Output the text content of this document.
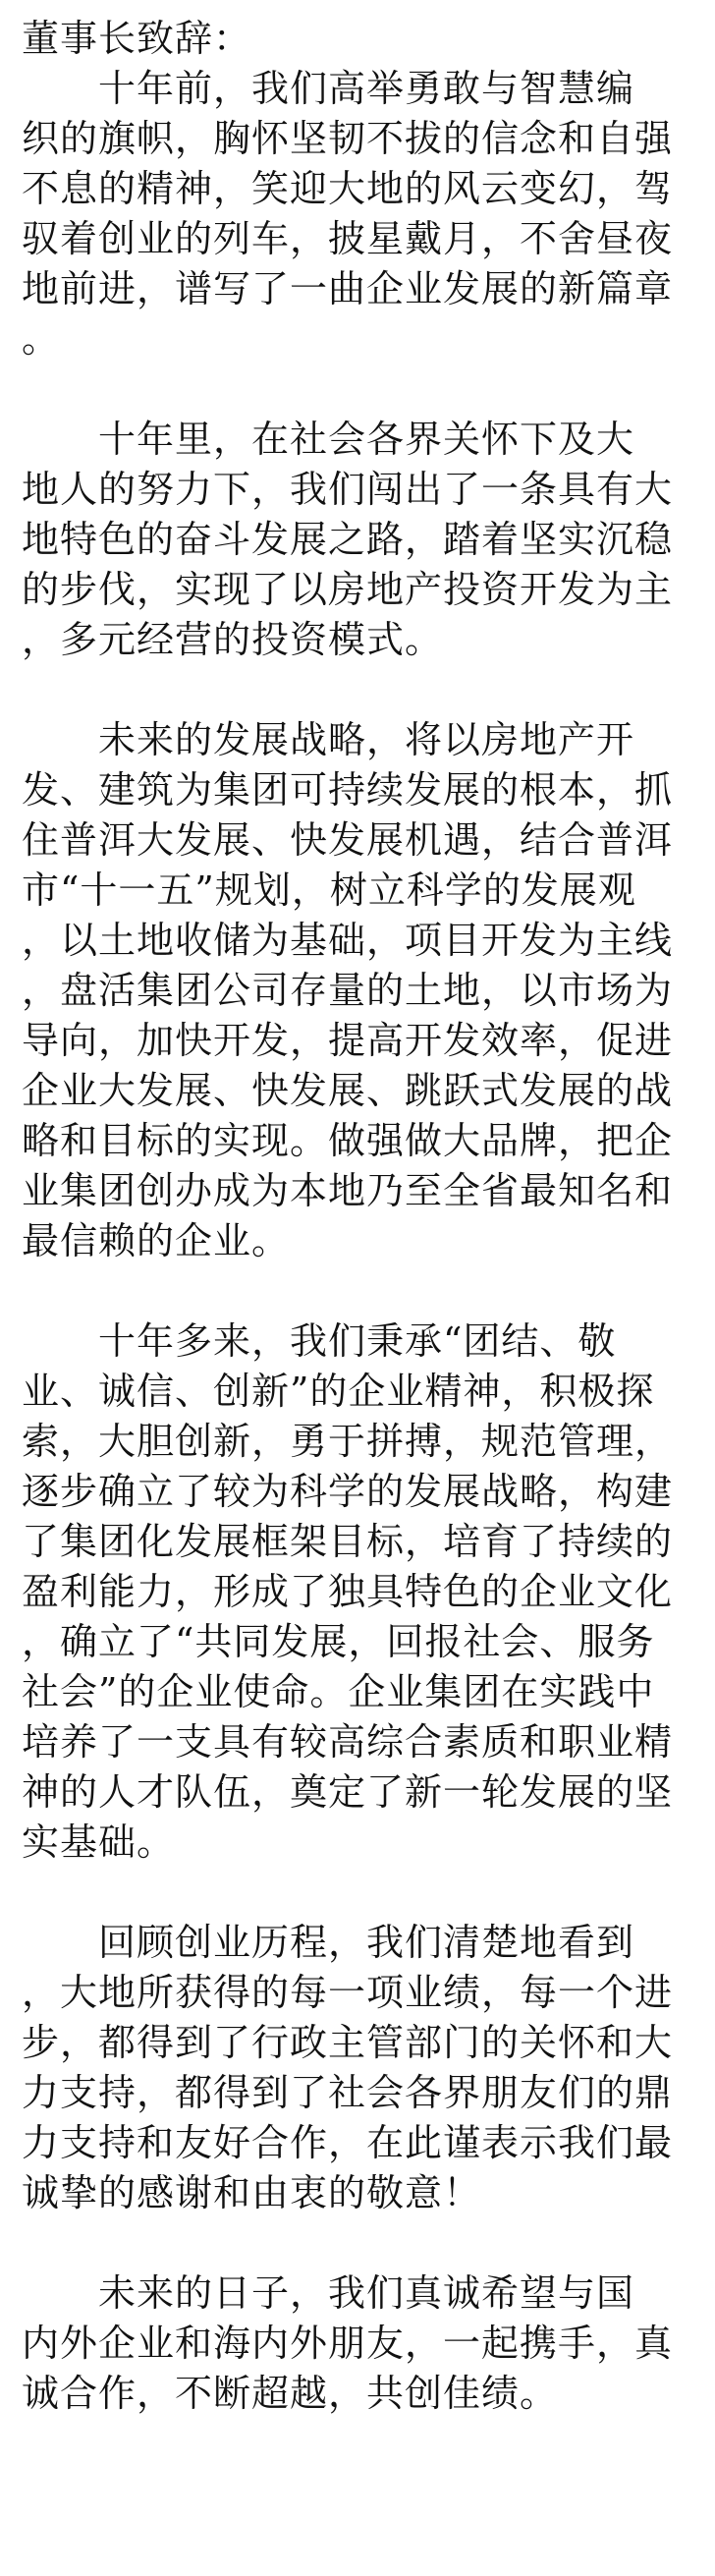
董事长致辞：
　　十年前，我们高举勇敢与智慧编
织的旗帜，胸怀坚韧不拔的信念和自强
不息的精神，笑迎大地的风云变幻，驾
驭着创业的列车，披星戴月，不舍昼夜
地前进，谱写了一曲企业发展的新篇章
。
　　十年里，在社会各界关怀下及大
地人的努力下，我们闯出了一条具有大
地特色的奋斗发展之路，踏着坚实沉稳
的步伐，实现了以房地产投资开发为主
，多元经营的投资模式。
　　未来的发展战略，将以房地产开
发、建筑为集团可持续发展的根本，抓
住普洱大发展、快发展机遇，结合普洱
市“十一五”规划，树立科学的发展观
，以土地收储为基础，项目开发为主线
，盘活集团公司存量的土地，以市场为
导向，加快开发，提高开发效率，促进
企业大发展、快发展、跳跃式发展的战
略和目标的实现。做强做大品牌，把企
业集团创办成为本地乃至全省最知名和
最信赖的企业。
　　十年多来，我们秉承“团结、敬
业、诚信、创新”的企业精神，积极探
索，大胆创新，勇于拼搏，规范管理，
逐步确立了较为科学的发展战略，构建
了集团化发展框架目标，培育了持续的
盈利能力，形成了独具特色的企业文化
，确立了“共同发展，回报社会、服务
社会”的企业使命。企业集团在实践中
培养了一支具有较高综合素质和职业精
神的人才队伍，奠定了新一轮发展的坚
实基础。
　　回顾创业历程，我们清楚地看到
，大地所获得的每一项业绩，每一个进
步，都得到了行政主管部门的关怀和大
力支持，都得到了社会各界朋友们的鼎
力支持和友好合作，在此谨表示我们最
诚挚的感谢和由衷的敬意！
　　未来的日子，我们真诚希望与国
内外企业和海内外朋友，一起携手，真
诚合作，不断超越，共创佳绩。
